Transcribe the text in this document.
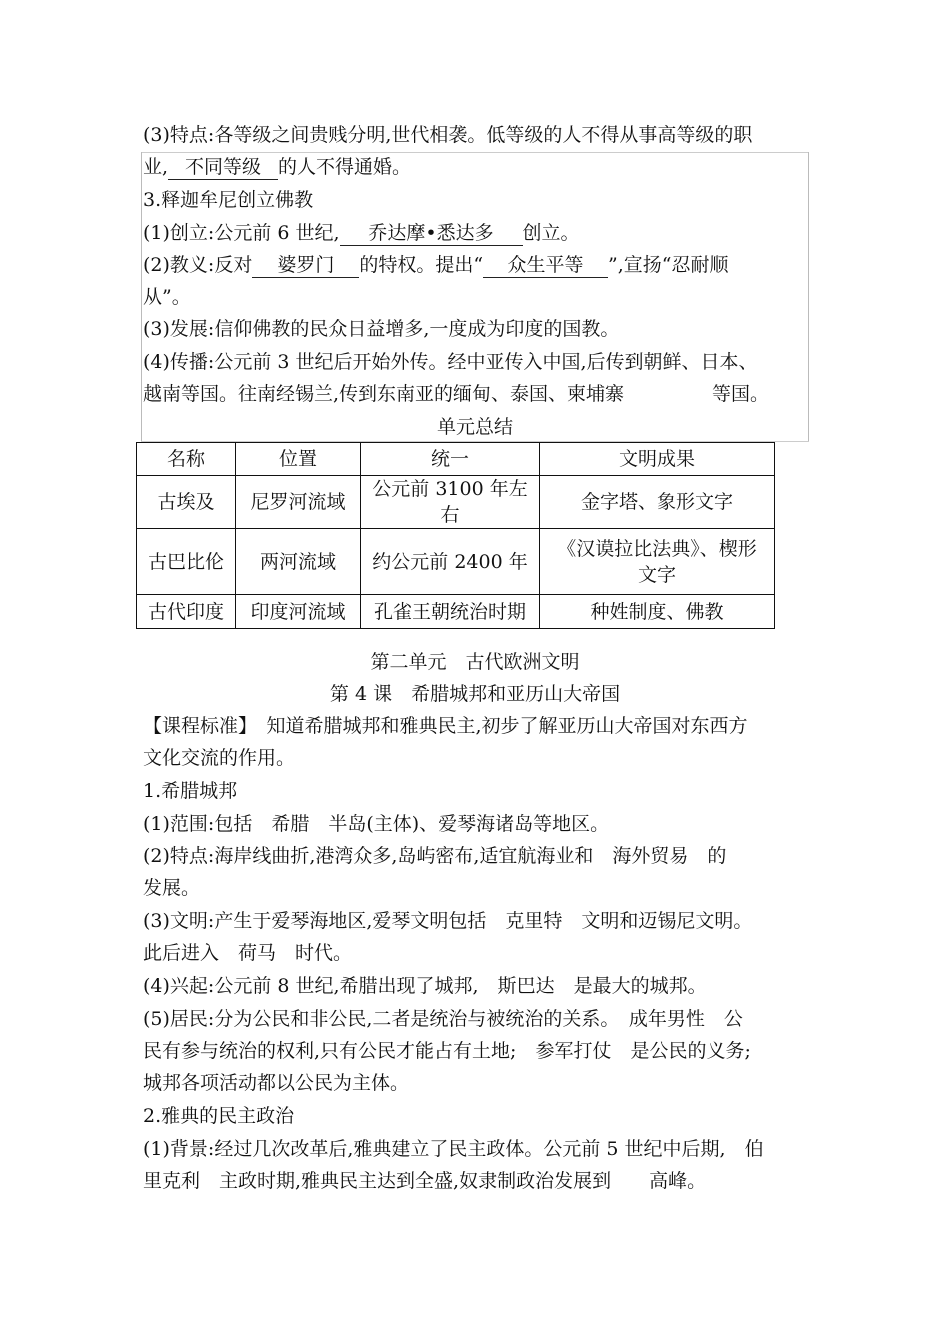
(3)特点:各等级之间贵贱分明,世代相袭。低等级的人不得从事高等级的职
业, 不同等级 的人不得通婚。
3.释迦牟尼创立佛教
(1)创立:公元前 6 世纪, 乔达摩•悉达多 创立。
(2)教义:反对 婆罗门 的特权。提出“ 众生平等 ”,宣扬“忍耐顺
从”。
(3)发展:信仰佛教的民众日益增多,一度成为印度的国教。
(4)传播:公元前 3 世纪后开始外传。经中亚传入中国,后传到朝鲜、日本、
越南等国。往南经锡兰,传到东南亚的缅甸、泰国、柬埔寨	等国。
单元总结
名称	位置	统一	文明成果
古埃及	尼罗河流域	公元前 3100 年左右	金字塔、象形文字
古巴比伦	两河流域	约公元前 2400 年	《汉谟拉比法典》、楔形文字
古代印度	印度河流域	孔雀王朝统治时期	种姓制度、佛教
第二单元　古代欧洲文明
第 4 课　希腊城邦和亚历山大帝国
【课程标准】　知道希腊城邦和雅典民主,初步了解亚历山大帝国对东西方
文化交流的作用。
1.希腊城邦
(1)范围:包括　希腊　半岛(主体)、爱琴海诸岛等地区。
(2)特点:海岸线曲折,港湾众多,岛屿密布,适宜航海业和　海外贸易　的
发展。
(3)文明:产生于爱琴海地区,爱琴文明包括　克里特　文明和迈锡尼文明。
此后进入　荷马　时代。
(4)兴起:公元前 8 世纪,希腊出现了城邦,　斯巴达　是最大的城邦。
(5)居民:分为公民和非公民,二者是统治与被统治的关系。　成年男性　公
民有参与统治的权利,只有公民才能占有土地;　参军打仗　是公民的义务;
城邦各项活动都以公民为主体。
2.雅典的民主政治
(1)背景:经过几次改革后,雅典建立了民主政体。公元前 5 世纪中后期,　伯
里克利　主政时期,雅典民主达到全盛,奴隶制政治发展到　　高峰。
